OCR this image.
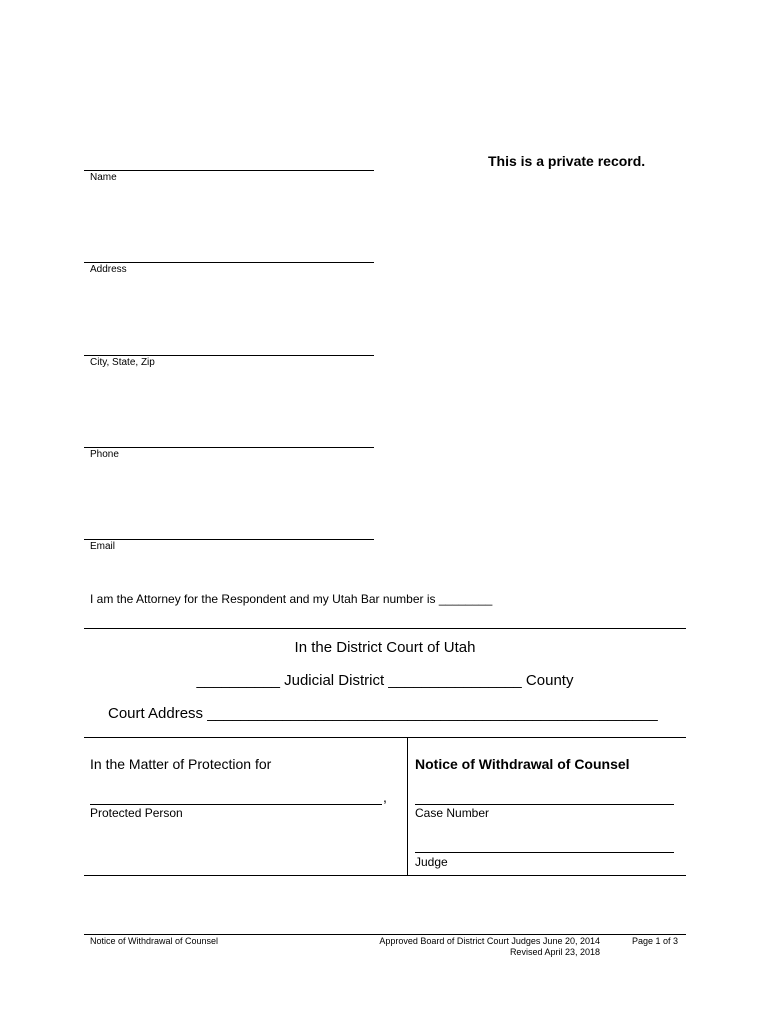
This is a private record.
Name
Address
City, State, Zip
Phone
Email
I am the Attorney for the Respondent and my Utah Bar number is ________
In the District Court of Utah
__________ Judicial District ________________ County
Court Address ______________________________________________________
In the Matter of Protection for
,
Protected Person
Notice of Withdrawal of Counsel
Case Number
Judge
Notice of Withdrawal of Counsel	Approved Board of District Court Judges June 20, 2014
Revised April 23, 2018
Page 1 of 3
